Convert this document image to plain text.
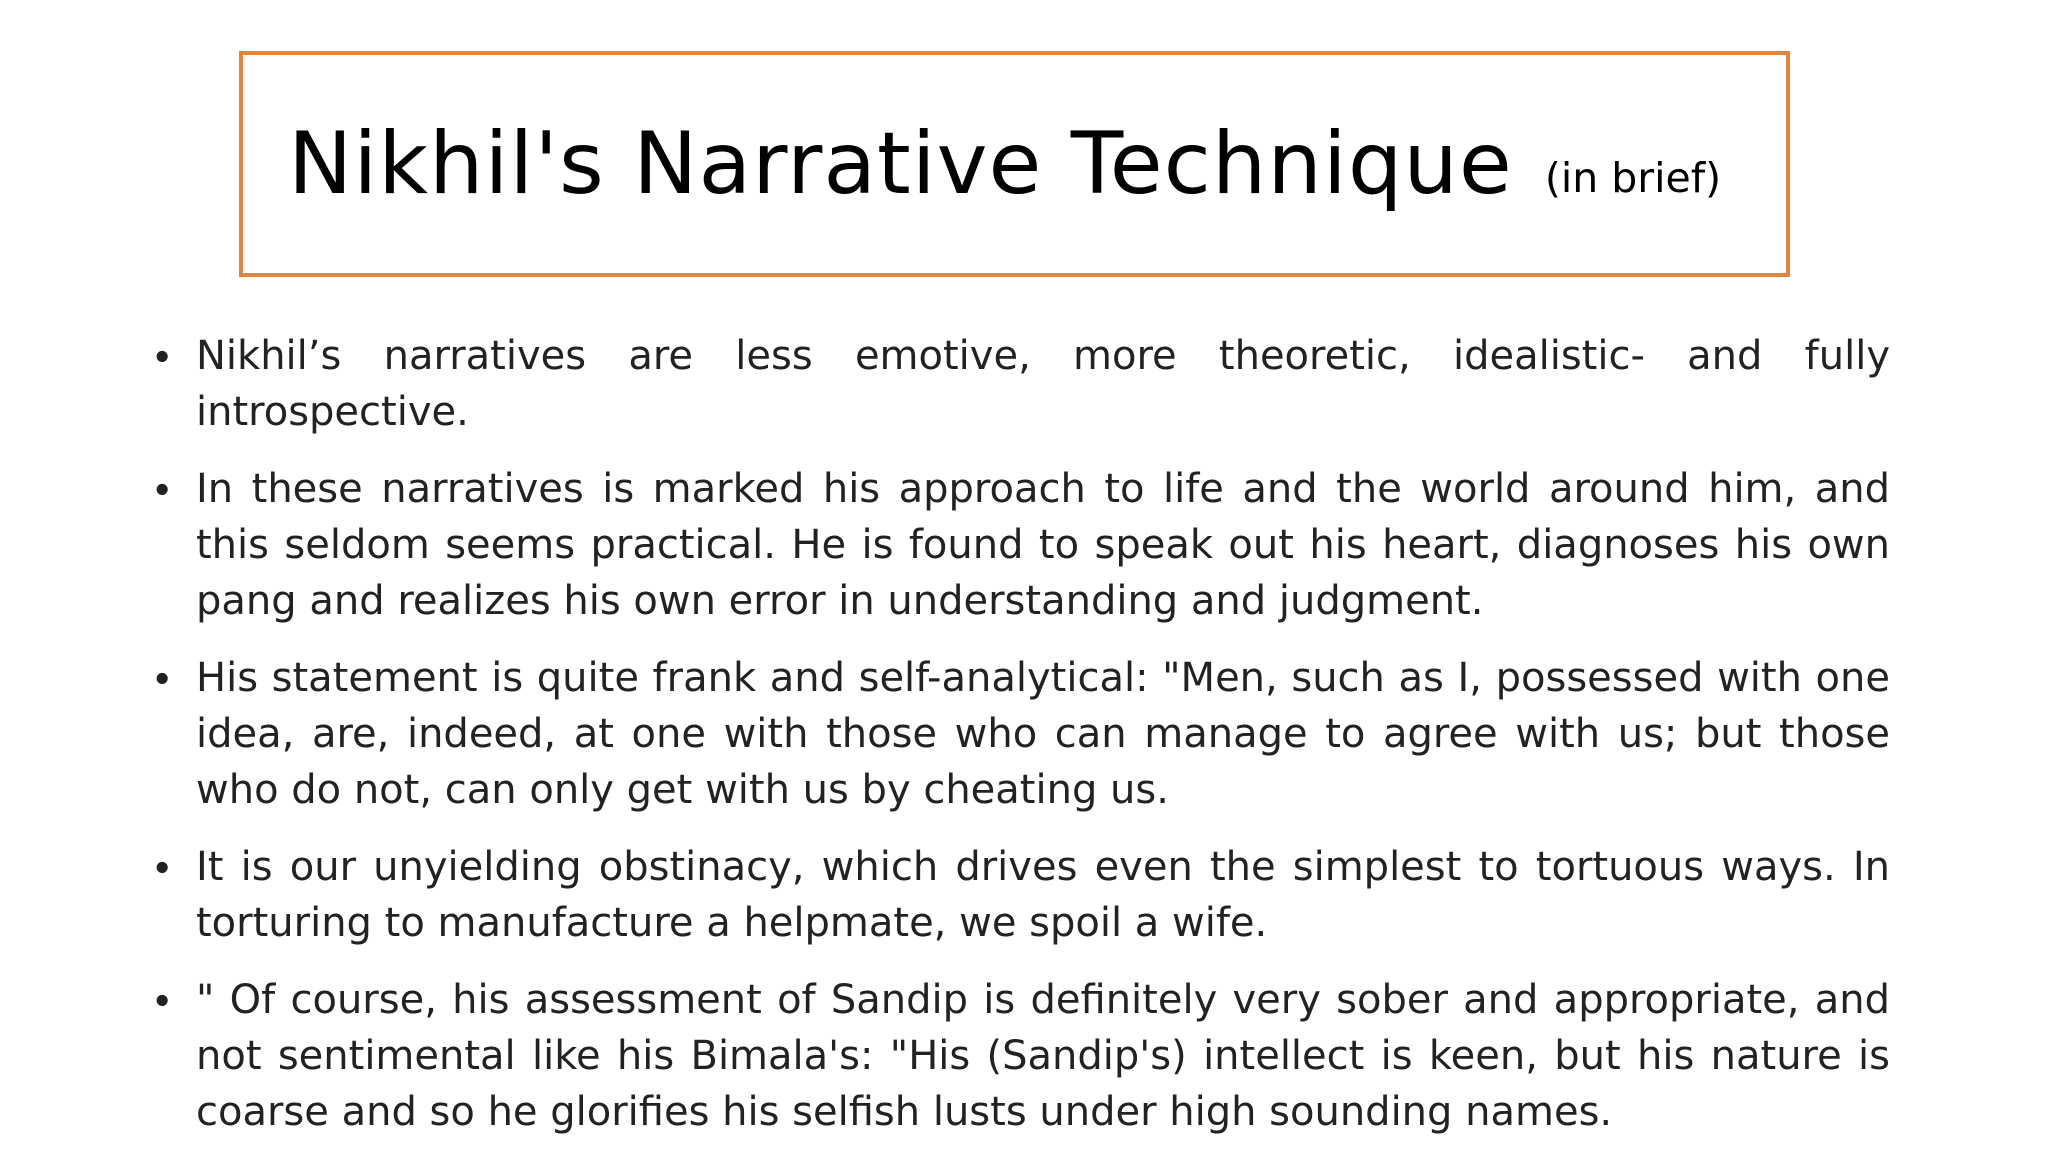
Nikhil's Narrative Technique (in brief)
• Nikhil’s narratives are less emotive, more theoretic, idealistic- and fully introspective.

• In these narratives is marked his approach to life and the world around him, and this seldom seems practical. He is found to speak out his heart, diagnoses his own pang and realizes his own error in understanding and judgment.

• His statement is quite frank and self-analytical: "Men, such as I, possessed with one idea, are, indeed, at one with those who can manage to agree with us; but those who do not, can only get with us by cheating us.

• It is our unyielding obstinacy, which drives even the simplest to tortuous ways. In torturing to manufacture a helpmate, we spoil a wife.

• " Of course, his assessment of Sandip is definitely very sober and appropriate, and not sentimental like his Bimala's: "His (Sandip's) intellect is keen, but his nature is coarse and so he glorifies his selfish lusts under high sounding names.
